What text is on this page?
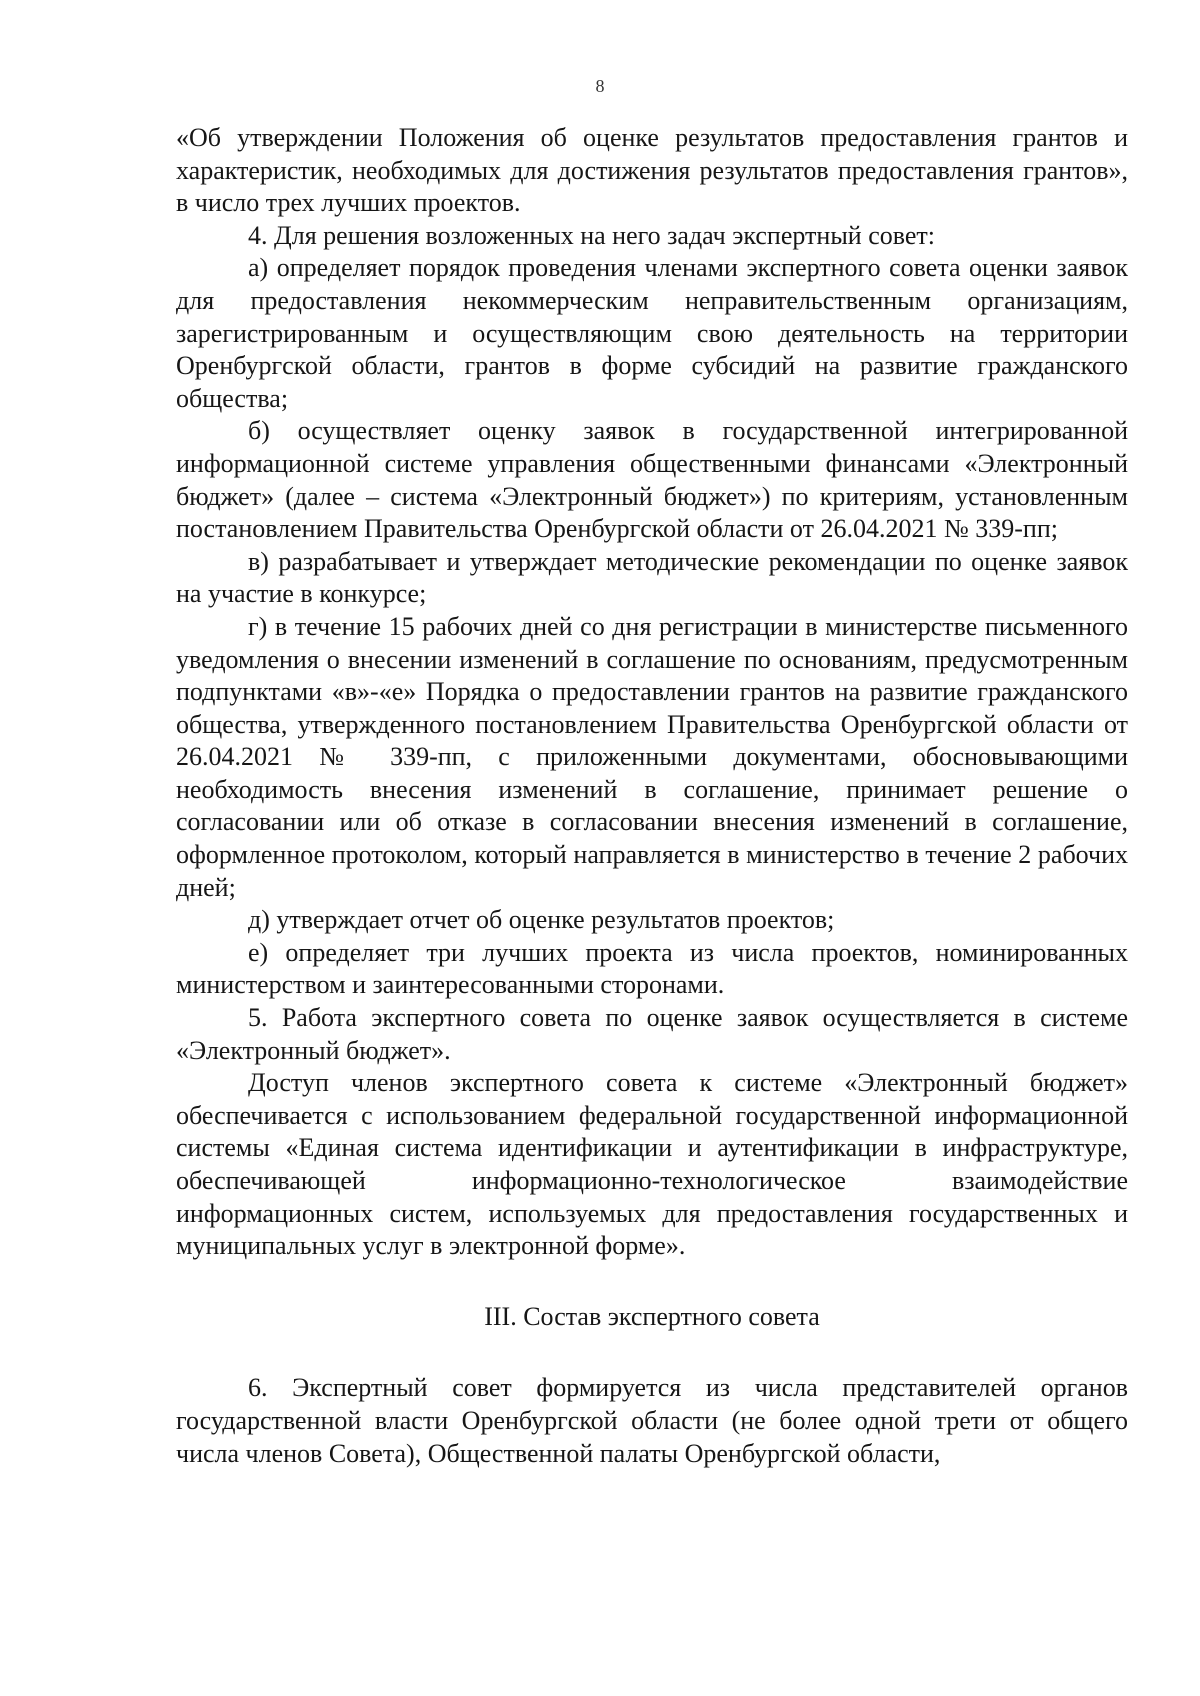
8

«Об утверждении Положения об оценке результатов предоставления грантов и характеристик, необходимых для достижения результатов предоставления грантов», в число трех лучших проектов.

4. Для решения возложенных на него задач экспертный совет:

а) определяет порядок проведения членами экспертного совета оценки заявок для предоставления некоммерческим неправительственным организациям, зарегистрированным и осуществляющим свою деятельность на территории Оренбургской области, грантов в форме субсидий на развитие гражданского общества;

б) осуществляет оценку заявок в государственной интегрированной информационной системе управления общественными финансами «Электронный бюджет» (далее – система «Электронный бюджет») по критериям, установленным постановлением Правительства Оренбургской области от 26.04.2021 № 339-пп;

в) разрабатывает и утверждает методические рекомендации по оценке заявок на участие в конкурсе;

г) в течение 15 рабочих дней со дня регистрации в министерстве письменного уведомления о внесении изменений в соглашение по основаниям, предусмотренным подпунктами «в»-«е» Порядка о предоставлении грантов на развитие гражданского общества, утвержденного постановлением Правительства Оренбургской области от 26.04.2021 № 339-пп, с приложенными документами, обосновывающими необходимость внесения изменений в соглашение, принимает решение о согласовании или об отказе в согласовании внесения изменений в соглашение, оформленное протоколом, который направляется в министерство в течение 2 рабочих дней;

д) утверждает отчет об оценке результатов проектов;

е) определяет три лучших проекта из числа проектов, номинированных министерством и заинтересованными сторонами.

5. Работа экспертного совета по оценке заявок осуществляется в системе «Электронный бюджет».

Доступ членов экспертного совета к системе «Электронный бюджет» обеспечивается с использованием федеральной государственной информационной системы «Единая система идентификации и аутентификации в инфраструктуре, обеспечивающей информационно-технологическое взаимодействие информационных систем, используемых для предоставления государственных и муниципальных услуг в электронной форме».

III. Состав экспертного совета

6. Экспертный совет формируется из числа представителей органов государственной власти Оренбургской области (не более одной трети от общего числа членов Совета), Общественной палаты Оренбургской области,
